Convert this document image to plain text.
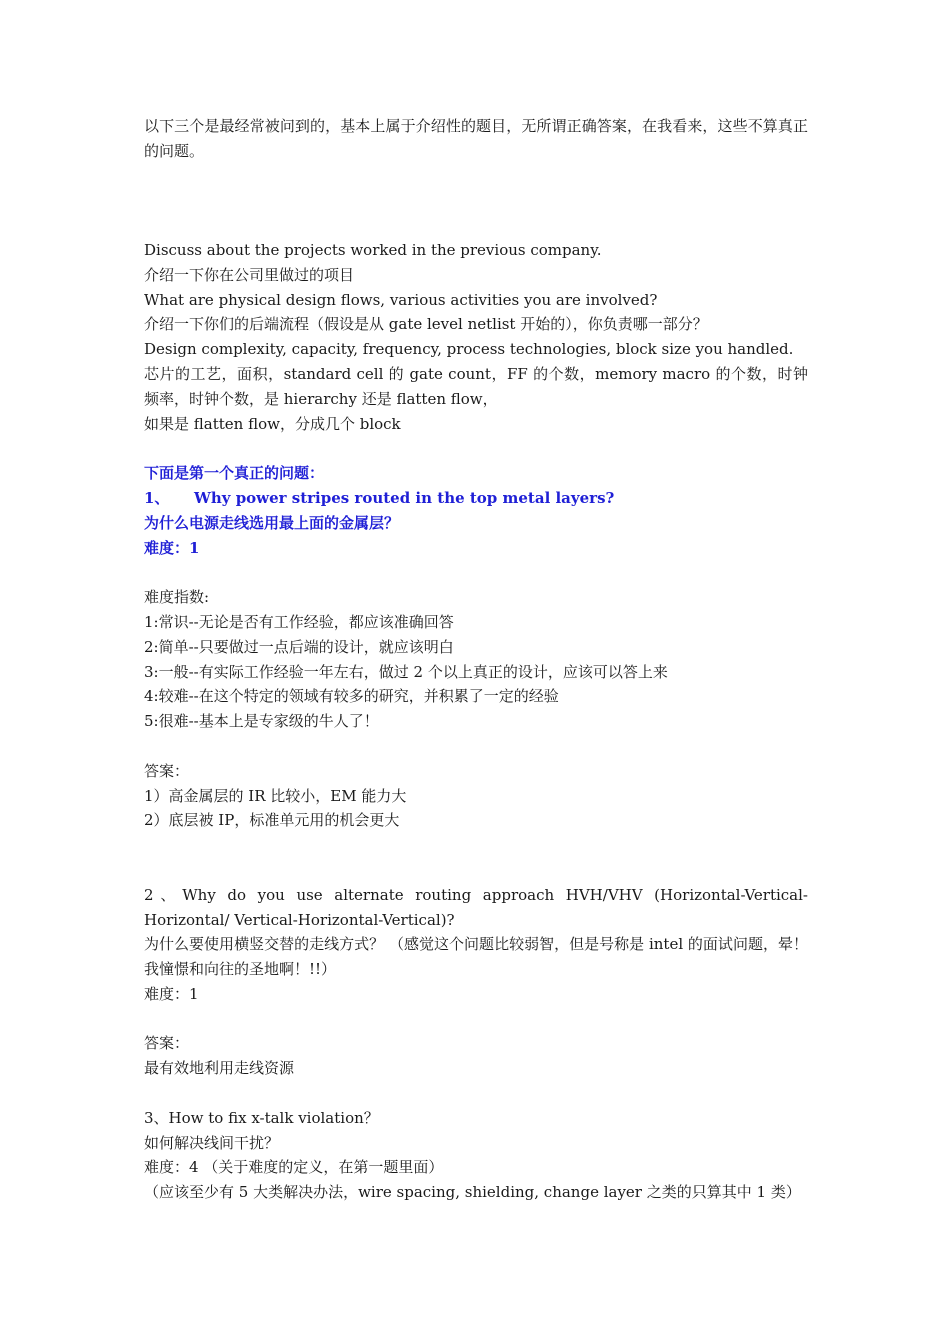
以下三个是最经常被问到的，基本上属于介绍性的题目，无所谓正确答案，在我看来，这些不算真正的问题。

Discuss about the projects worked in the previous company.

介绍一下你在公司里做过的项目

What are physical design flows, various activities you are involved?

介绍一下你们的后端流程（假设是从 gate level netlist 开始的），你负责哪一部分？

Design complexity, capacity, frequency, process technologies, block size you handled.

芯片的工艺，面积，standard cell 的 gate count，FF 的个数，memory macro 的个数，时钟频率，时钟个数，是 hierarchy 还是 flatten flow，

如果是 flatten flow，分成几个 block

下面是第一个真正的问题：

1、 Why power stripes routed in the top metal layers?

为什么电源走线选用最上面的金属层？

难度：1

难度指数:

1:常识--无论是否有工作经验，都应该准确回答

2:简单--只要做过一点后端的设计，就应该明白

3:一般--有实际工作经验一年左右，做过 2 个以上真正的设计，应该可以答上来

4:较难--在这个特定的领域有较多的研究，并积累了一定的经验

5:很难--基本上是专家级的牛人了！

答案：

1）高金属层的 IR 比较小，EM 能力大

2）底层被 IP，标准单元用的机会更大

2、Why do you use alternate routing approach HVH/VHV (Horizontal-Vertical-Horizontal/ Vertical-Horizontal-Vertical)?

为什么要使用横竖交替的走线方式？ （感觉这个问题比较弱智，但是号称是 intel 的面试问题，晕！我憧憬和向往的圣地啊！!!）

难度：1

答案：

最有效地利用走线资源

3、How to fix x-talk violation？

如何解决线间干扰？

难度：4 （关于难度的定义，在第一题里面）

（应该至少有 5 大类解决办法，wire spacing, shielding, change layer 之类的只算其中 1 类）
